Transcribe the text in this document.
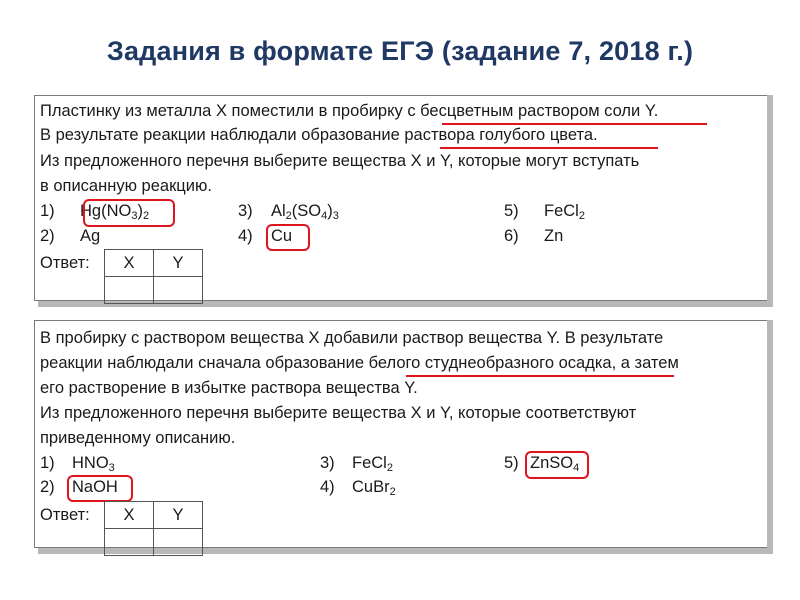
Задания в формате ЕГЭ (задание 7, 2018 г.)
Пластинку из металла X поместили в пробирку с бесцветным раствором соли Y.
В результате реакции наблюдали образование раствора голубого цвета.
Из предложенного перечня выберите вещества X и Y, которые могут вступать
в описанную реакцию.
1) $Hg(NO_3)_2$
2) Ag
3) $Al_2(SO_4)_3$
4) Cu
5) FeCl$_2$
6) Zn
Ответ:	X	Y

В пробирку с раствором вещества X добавили раствор вещества Y. В результате
реакции наблюдали сначала образование белого студнеобразного осадка, а затем
его растворение в избытке раствора вещества Y.
Из предложенного перечня выберите вещества X и Y, которые соответствуют
приведенному описанию.
1) $HNO_3$
2) NaOH
3) FeCl$_2$
4) CuBr$_2$
5) ZnSO$_4$
Ответ:	X	Y
